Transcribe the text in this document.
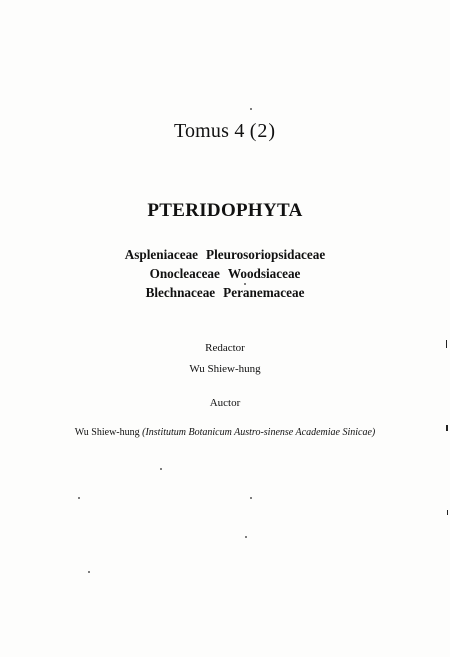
Tomus 4 (2)
PTERIDOPHYTA
Aspleniaceae Pleurosoriopsidaceae
Onocleaceae Woodsiaceae
Blechnaceae Peranemaceae
Redactor
Wu Shiew-hung
Auctor
Wu Shiew-hung (Institutum Botanicum Austro-sinense Academiae Sinicae)
